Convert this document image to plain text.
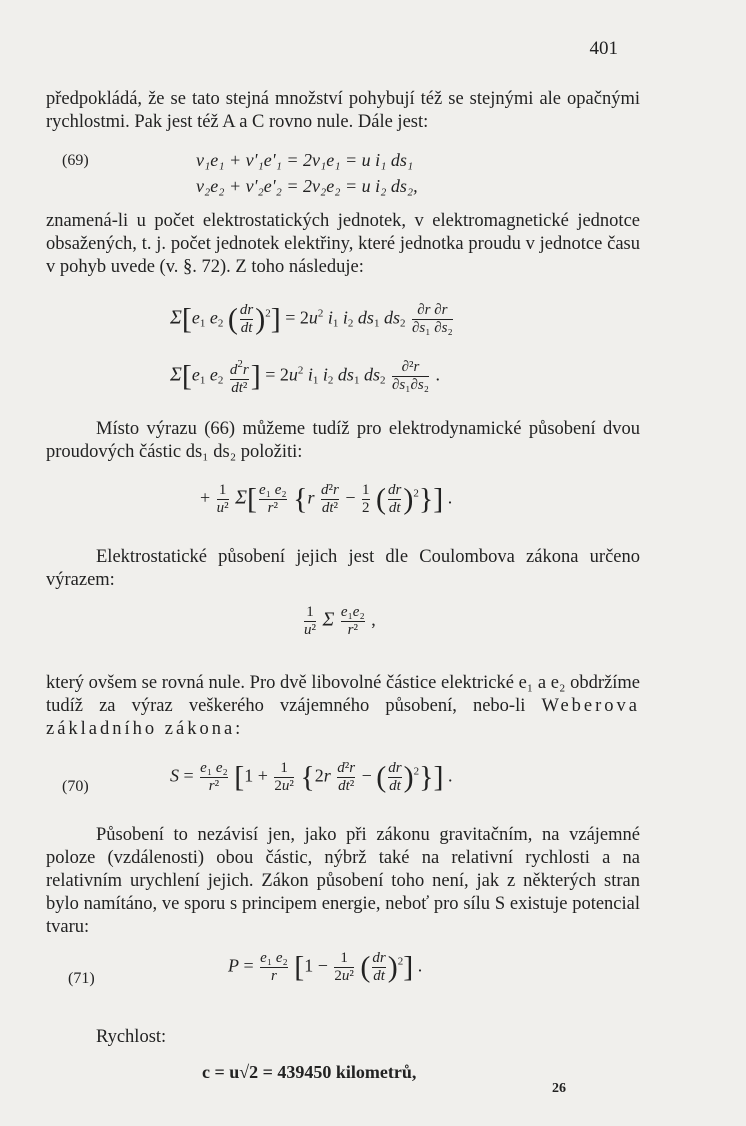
401
předpokládá, že se tato stejná množství pohybují též se stejnými ale opačnými rychlostmi. Pak jest též A a C rovno nule. Dále jest:
(69)	v₁e₁ + v'₁e'₁ = 2v₁e₁ = u i₁ ds₁
v₂e₂ + v'₂e'₂ = 2v₂e₂ = u i₂ ds₂,
znamená-li u počet elektrostatických jednotek, v elektromagnetické jednotce obsažených, t. j. počet jednotek elektřiny, které jednotka proudu v jednotce času v pohyb uvede (v. §. 72). Z toho následuje:
$\Sigma[e_1$ $e_2$ ( $\frac{dr}{dt} )^2] = 2u^2$ $i_1$ $i_2$ $ds_1$ $ds_2 \frac{\partial r \partial r}{\text{∂s₁ ∂s₂}}$
$\Sigma[e_1$ $e_2 \frac{d^2r}{\text{dt²}}$ ] = $2u^2$ $i_1$ $i_2$ $ds_1$ $ds_2 \frac{\text{∂²r}}{\text{∂s₁∂s₂}}$ .
Místo výrazu (66) můžeme tudíž pro elektrodynamické působení dvou proudových částic ds₁ ds₂ položiti:
+ $\frac{1}{\text{u²}} \Sigma[ \frac{\text{e₁ e₂}}{\text{r²}} \{r \frac{\text{d²r}}{\text{dt²}} - \frac{1}{2}$ ( $\frac{dr}{dt} )^2$}] .
Elektrostatické působení jejich jest dle Coulombova zákona určeno výrazem:
$\frac{1}{\text{u²}}$ Σ $\frac{\text{e₁e₂}}{\text{r²}}$ ,
který ovšem se rovná nule. Pro dvě libovolné částice elektrické e₁ a e₂ obdržíme tudíž za výraz veškerého vzájemného působení, nebo-li Weberova základního zákona:
(70)
$S = \frac{\text{e₁ e₂}}{\text{r²}} [1 + \frac{1}{\text{2u²}} \{2r \frac{\text{d²r}}{\text{dt²}}$ − ( $\frac{dr}{dt} )^2$}] .
Působení to nezávisí jen, jako při zákonu gravitačním, na vzájemné poloze (vzdálenosti) obou částic, nýbrž také na relativní rychlosti a na relativním urychlení jejich. Zákon působení toho není, jak z některých stran bylo namítáno, ve sporu s principem energie, neboť pro sílu S existuje potencial tvaru:
(71)
$P = \frac{\text{e₁ e₂}}{r} [1 - \frac{1}{\text{2u²}}$ ( $\frac{dr}{dt} )^2$] .
Rychlost:
c = u√2 = 439450 kilometrů,
26
